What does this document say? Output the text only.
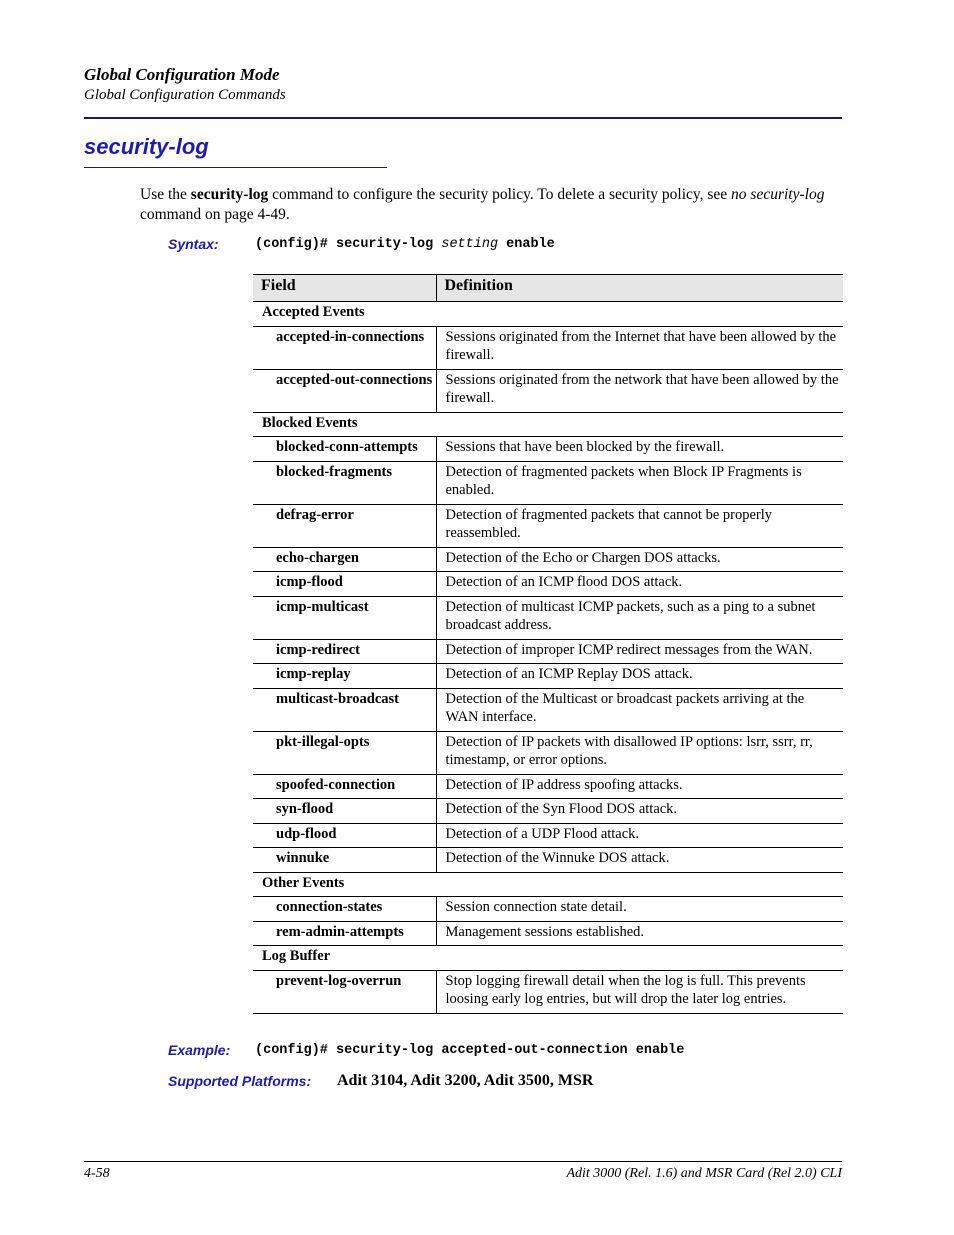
Global Configuration Mode
Global Configuration Commands
security-log
Use the security-log command to configure the security policy. To delete a security policy, see no security-log command on page 4-49.
Syntax:	(config)# security-log setting enable
Field	Definition
Accepted Events	
accepted-in-connections	Sessions originated from the Internet that have been allowed by the firewall.
accepted-out-connections	Sessions originated from the network that have been allowed by the firewall.
Blocked Events	
blocked-conn-attempts	Sessions that have been blocked by the firewall.
blocked-fragments	Detection of fragmented packets when Block IP Fragments is enabled.
defrag-error	Detection of fragmented packets that cannot be properly reassembled.
echo-chargen	Detection of the Echo or Chargen DOS attacks.
icmp-flood	Detection of an ICMP flood DOS attack.
icmp-multicast	Detection of multicast ICMP packets, such as a ping to a subnet broadcast address.
icmp-redirect	Detection of improper ICMP redirect messages from the WAN.
icmp-replay	Detection of an ICMP Replay DOS attack.
multicast-broadcast	Detection of the Multicast or broadcast packets arriving at the WAN interface.
pkt-illegal-opts	Detection of IP packets with disallowed IP options: lsrr, ssrr, rr, timestamp, or error options.
spoofed-connection	Detection of IP address spoofing attacks.
syn-flood	Detection of the Syn Flood DOS attack.
udp-flood	Detection of a UDP Flood attack.
winnuke	Detection of the Winnuke DOS attack.
Other Events	
connection-states	Session connection state detail.
rem-admin-attempts	Management sessions established.
Log Buffer	
prevent-log-overrun	Stop logging firewall detail when the log is full. This prevents loosing early log entries, but will drop the later log entries.
Example: (config)# security-log accepted-out-connection enable
Supported Platforms: Adit 3104, Adit 3200, Adit 3500, MSR
4-58	Adit 3000 (Rel. 1.6) and MSR Card (Rel 2.0) CLI
